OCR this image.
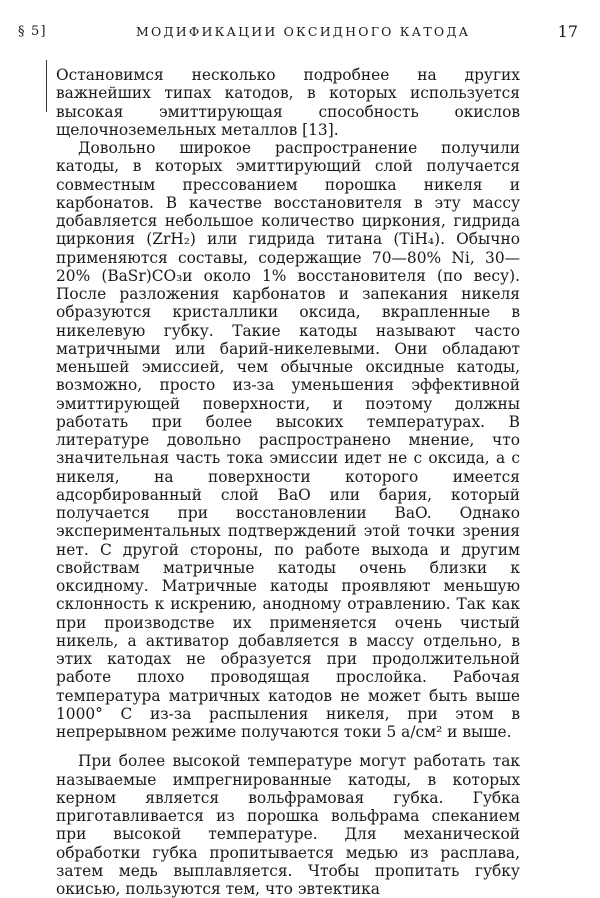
§ 5]	МОДИФИКАЦИИ ОКСИДНОГО КАТОДА	17

Остановимся несколько подробнее на других важнейших типах катодов, в которых используется высокая эмиттирующая способность окислов щелочноземельных металлов [13].

Довольно широкое распространение получили катоды, в которых эмиттирующий слой получается совместным прессованием порошка никеля и карбонатов. В качестве восстановителя в эту массу добавляется небольшое количество циркония, гидрида циркония (ZrH₂) или гидрида титана (TiH₄). Обычно применяются составы, содержащие 70—80% Ni, 30—20% (BaSr)CO₃и около 1% восстановителя (по весу). После разложения карбонатов и запекания никеля образуются кристаллики оксида, вкрапленные в никелевую губку. Такие катоды называют часто матричными или барий-никелевыми. Они обладают меньшей эмиссией, чем обычные оксидные катоды, возможно, просто из-за уменьшения эффективной эмиттирующей поверхности, и поэтому должны работать при более высоких температурах. В литературе довольно распространено мнение, что значительная часть тока эмиссии идет не с оксида, а с никеля, на поверхности которого имеется адсорбированный слой BaO или бария, который получается при восстановлении BaO. Однако экспериментальных подтверждений этой точки зрения нет. С другой стороны, по работе выхода и другим свойствам матричные катоды очень близки к оксидному. Матричные катоды проявляют меньшую склонность к искрению, анодному отравлению. Так как при производстве их применяется очень чистый никель, а активатор добавляется в массу отдельно, в этих катодах не образуется при продолжительной работе плохо проводящая прослойка. Рабочая температура матричных катодов не может быть выше 1000° C из-за распыления никеля, при этом в непрерывном режиме получаются токи 5 а/см² и выше.

При более высокой температуре могут работать так называемые импрегнированные катоды, в которых керном является вольфрамовая губка. Губка приготавливается из порошка вольфрама спеканием при высокой температуре. Для механической обработки губка пропитывается медью из расплава, затем медь выплавляется. Чтобы пропитать губку окисью, пользуются тем, что эвтектика
